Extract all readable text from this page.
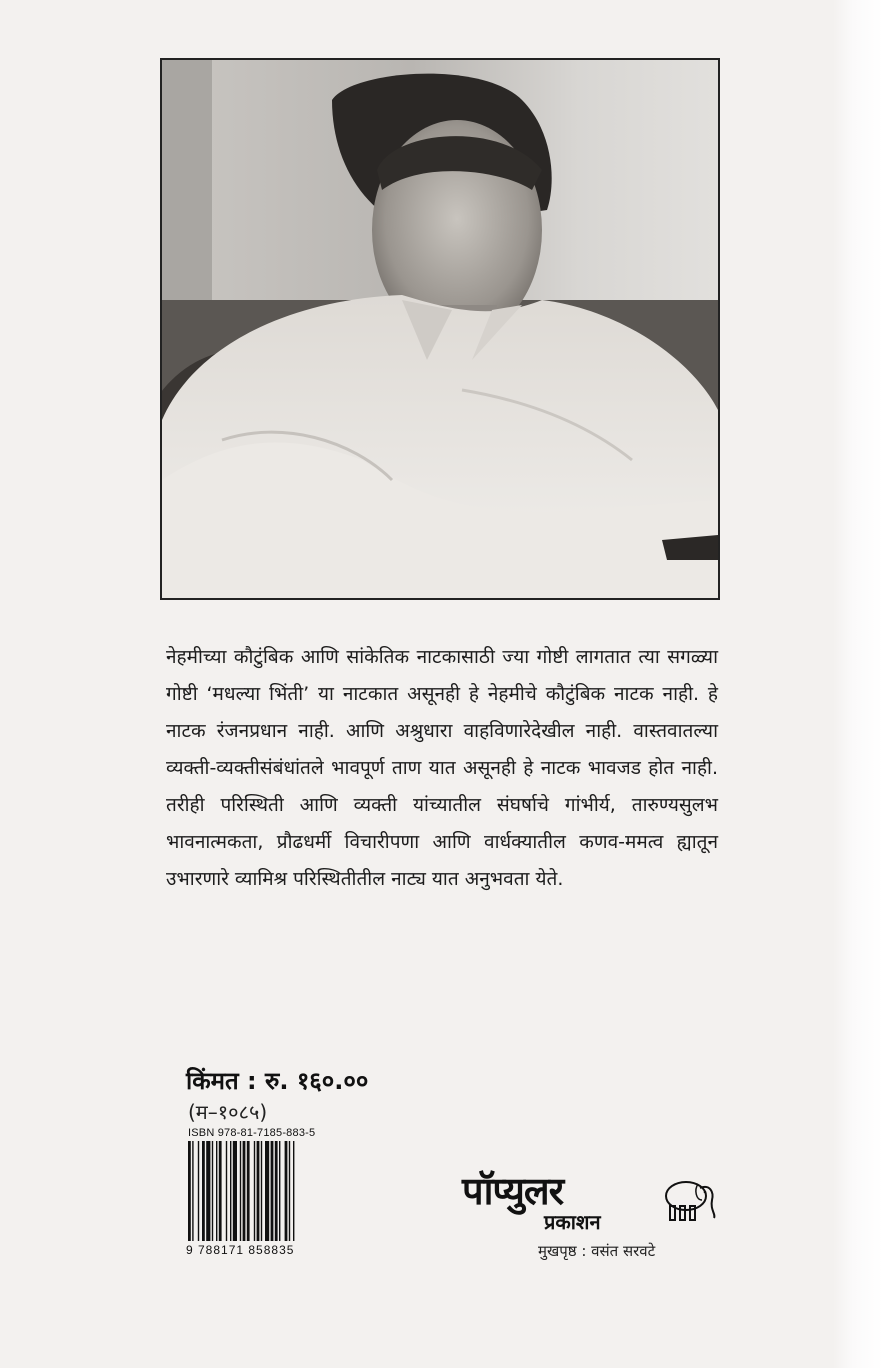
नेहमीच्या कौटुंबिक आणि सांकेतिक नाटकासाठी ज्या गोष्टी लागतात त्या सगळ्या गोष्टी ‘मधल्या भिंती’ या नाटकात असूनही हे नेहमीचे कौटुंबिक नाटक नाही. हे नाटक रंजनप्रधान नाही. आणि अश्रुधारा वाहविणारेदेखील नाही. वास्तवातल्या व्यक्ती-व्यक्तीसंबंधांतले भावपूर्ण ताण यात असूनही हे नाटक भावजड होत नाही. तरीही परिस्थिती आणि व्यक्ती यांच्यातील संघर्षाचे गांभीर्य, तारुण्यसुलभ भावनात्मकता, प्रौढधर्मी विचारीपणा आणि वार्धक्यातील कणव-ममत्व ह्यातून उभारणारे व्यामिश्र परिस्थितीतील नाट्य यात अनुभवता येते.

किंमत : रु. १६०.००
(म–१०८५)
ISBN 978-81-7185-883-5
9 788171 858835
पॉप्युलर
प्रकाशन
मुखपृष्ठ : वसंत सरवटे
